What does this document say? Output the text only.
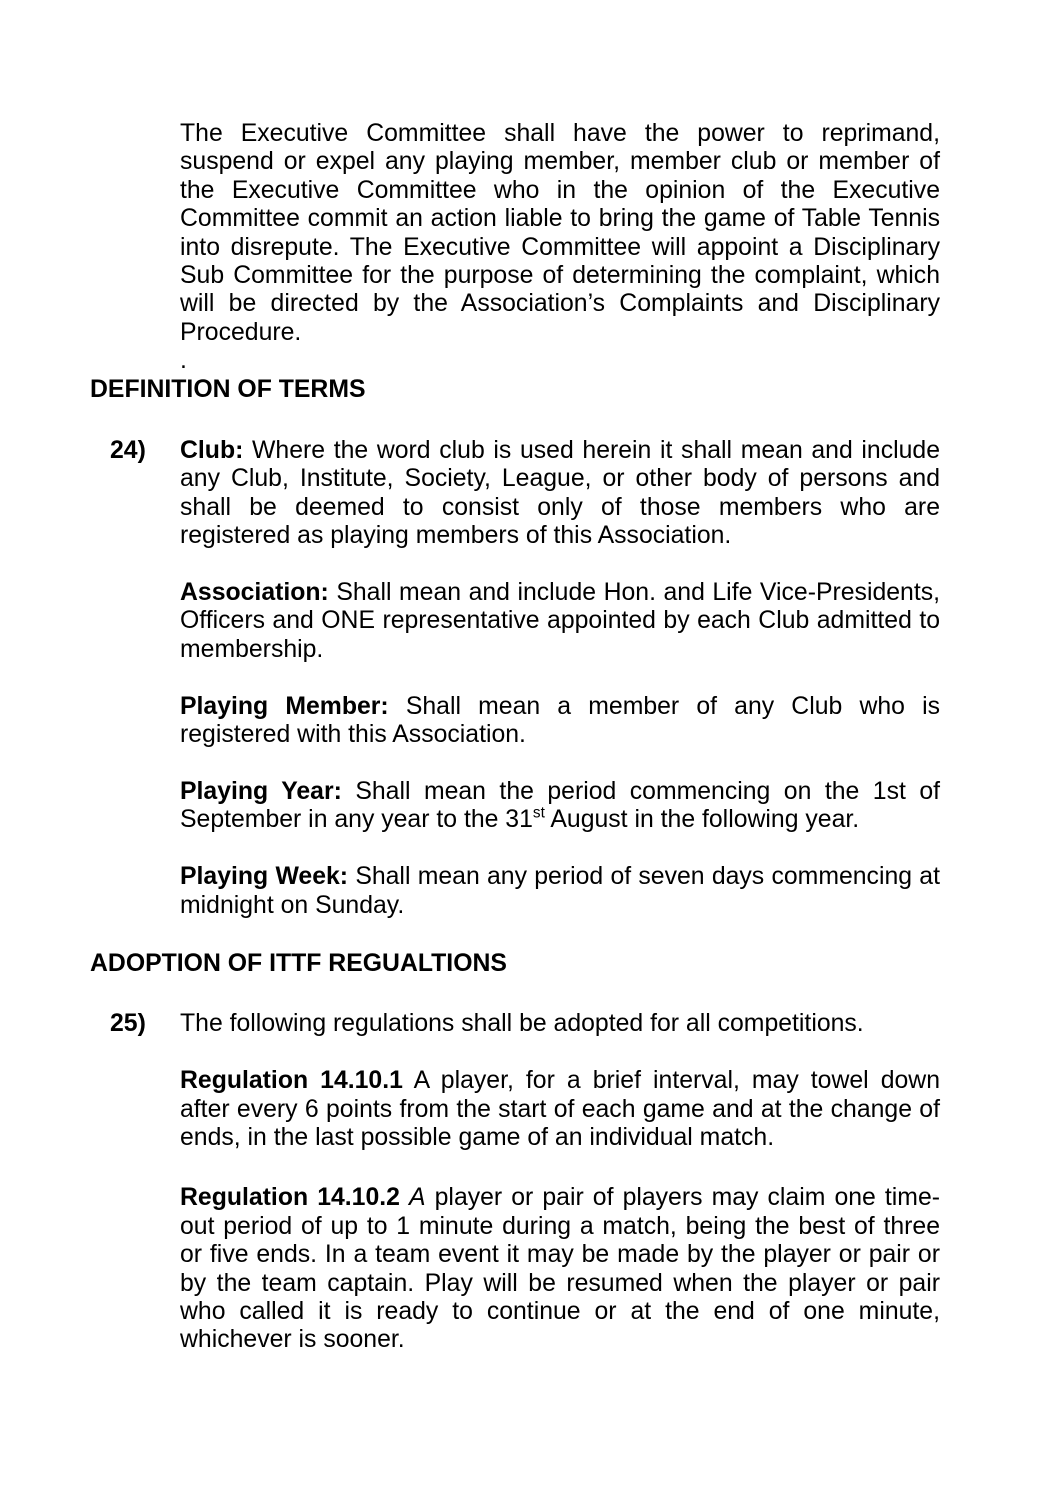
The Executive Committee shall have the power to reprimand, suspend or expel any playing member, member club or member of the Executive Committee who in the opinion of the Executive Committee commit an action liable to bring the game of Table Tennis into disrepute. The Executive Committee will appoint a Disciplinary Sub Committee for the purpose of determining the complaint, which will be directed by the Association’s Complaints and Disciplinary Procedure.

.

DEFINITION OF TERMS
24) Club: Where the word club is used herein it shall mean and include any Club, Institute, Society, League, or other body of persons and shall be deemed to consist only of those members who are registered as playing members of this Association.

Association: Shall mean and include Hon. and Life Vice-Presidents, Officers and ONE representative appointed by each Club admitted to membership.

Playing Member: Shall mean a member of any Club who is registered with this Association.

Playing Year: Shall mean the period commencing on the 1st of September in any year to the 31st August in the following year.

Playing Week: Shall mean any period of seven days commencing at midnight on Sunday.

ADOPTION OF ITTF REGUALTIONS
25) The following regulations shall be adopted for all competitions.

Regulation 14.10.1 A player, for a brief interval, may towel down after every 6 points from the start of each game and at the change of ends, in the last possible game of an individual match.

Regulation 14.10.2 A player or pair of players may claim one time-out period of up to 1 minute during a match, being the best of three or five ends. In a team event it may be made by the player or pair or by the team captain. Play will be resumed when the player or pair who called it is ready to continue or at the end of one minute, whichever is sooner.
